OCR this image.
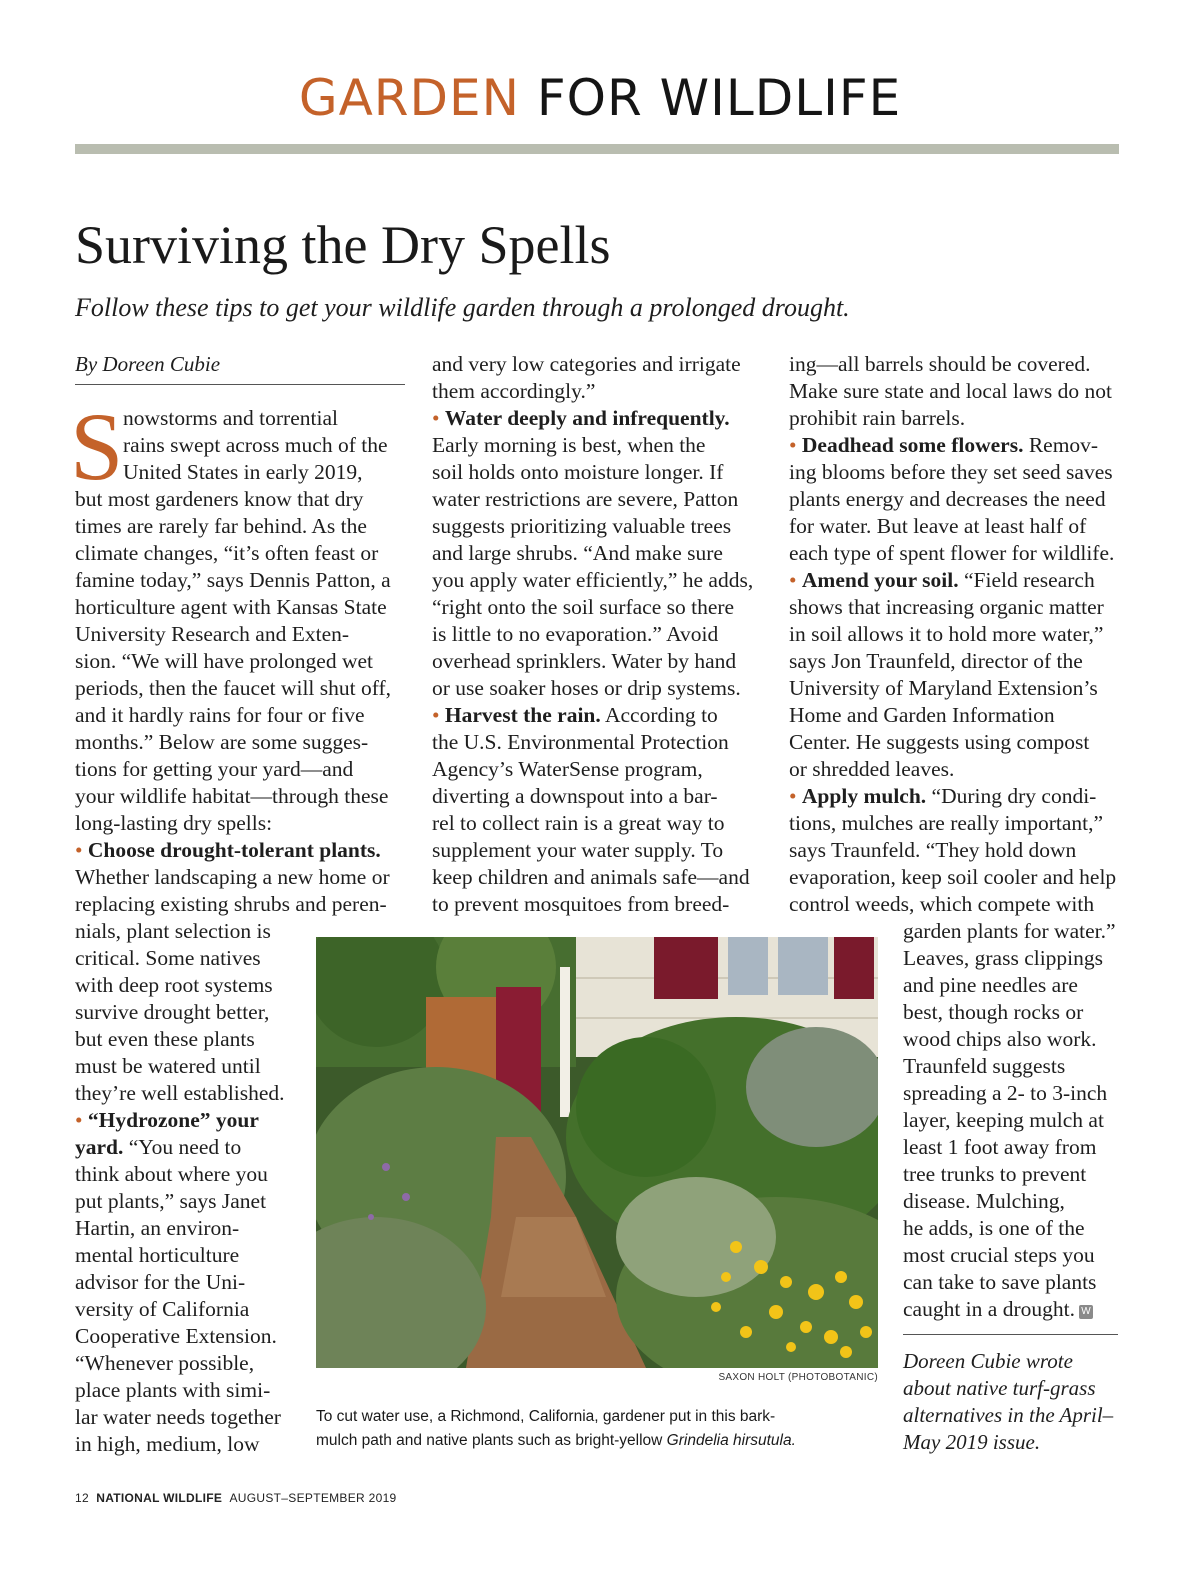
GARDEN FOR WILDLIFE
Surviving the Dry Spells
Follow these tips to get your wildlife garden through a prolonged drought.
By Doreen Cubie
S nowstorms and torrential
rains swept across much of the
United States in early 2019,
but most gardeners know that dry
times are rarely far behind. As the
climate changes, “it’s often feast or
famine today,” says Dennis Patton, a
horticulture agent with Kansas State
University Research and Exten-
sion. “We will have prolonged wet
periods, then the faucet will shut off,
and it hardly rains for four or five
months.” Below are some sugges-
tions for getting your yard—and
your wildlife habitat—through these
long-lasting dry spells:
• Choose drought-tolerant plants.
Whether landscaping a new home or
replacing existing shrubs and peren-
nials, plant selection is
critical. Some natives
with deep root systems
survive drought better,
but even these plants
must be watered until
they’re well established.
• “Hydrozone” your
yard. “You need to
think about where you
put plants,” says Janet
Hartin, an environ-
mental horticulture
advisor for the Uni-
versity of California
Cooperative Extension.
“Whenever possible,
place plants with simi-
lar water needs together
in high, medium, low
and very low categories and irrigate
them accordingly.”
• Water deeply and infrequently.
Early morning is best, when the
soil holds onto moisture longer. If
water restrictions are severe, Patton
suggests prioritizing valuable trees
and large shrubs. “And make sure
you apply water efficiently,” he adds,
“right onto the soil surface so there
is little to no evaporation.” Avoid
overhead sprinklers. Water by hand
or use soaker hoses or drip systems.
• Harvest the rain. According to
the U.S. Environmental Protection
Agency’s WaterSense program,
diverting a downspout into a bar-
rel to collect rain is a great way to
supplement your water supply. To
keep children and animals safe—and
to prevent mosquitoes from breed-
ing—all barrels should be covered.
Make sure state and local laws do not
prohibit rain barrels.
• Deadhead some flowers. Remov-
ing blooms before they set seed saves
plants energy and decreases the need
for water. But leave at least half of
each type of spent flower for wildlife.
• Amend your soil. “Field research
shows that increasing organic matter
in soil allows it to hold more water,”
says Jon Traunfeld, director of the
University of Maryland Extension’s
Home and Garden Information
Center. He suggests using compost
or shredded leaves.
• Apply mulch. “During dry condi-
tions, mulches are really important,”
says Traunfeld. “They hold down
evaporation, keep soil cooler and help
control weeds, which compete with
garden plants for water.”
Leaves, grass clippings
and pine needles are
best, though rocks or
wood chips also work.
Traunfeld suggests
spreading a 2- to 3-inch
layer, keeping mulch at
least 1 foot away from
tree trunks to prevent
disease. Mulching,
he adds, is one of the
most crucial steps you
can take to save plants
caught in a drought. W
Doreen Cubie wrote
about native turf-grass
alternatives in the April–
May 2019 issue.
SAXON HOLT (PHOTOBOTANIC)
To cut water use, a Richmond, California, gardener put in this bark-
mulch path and native plants such as bright-yellow Grindelia hirsutula.
12 NATIONAL WILDLIFE AUGUST–SEPTEMBER 2019
